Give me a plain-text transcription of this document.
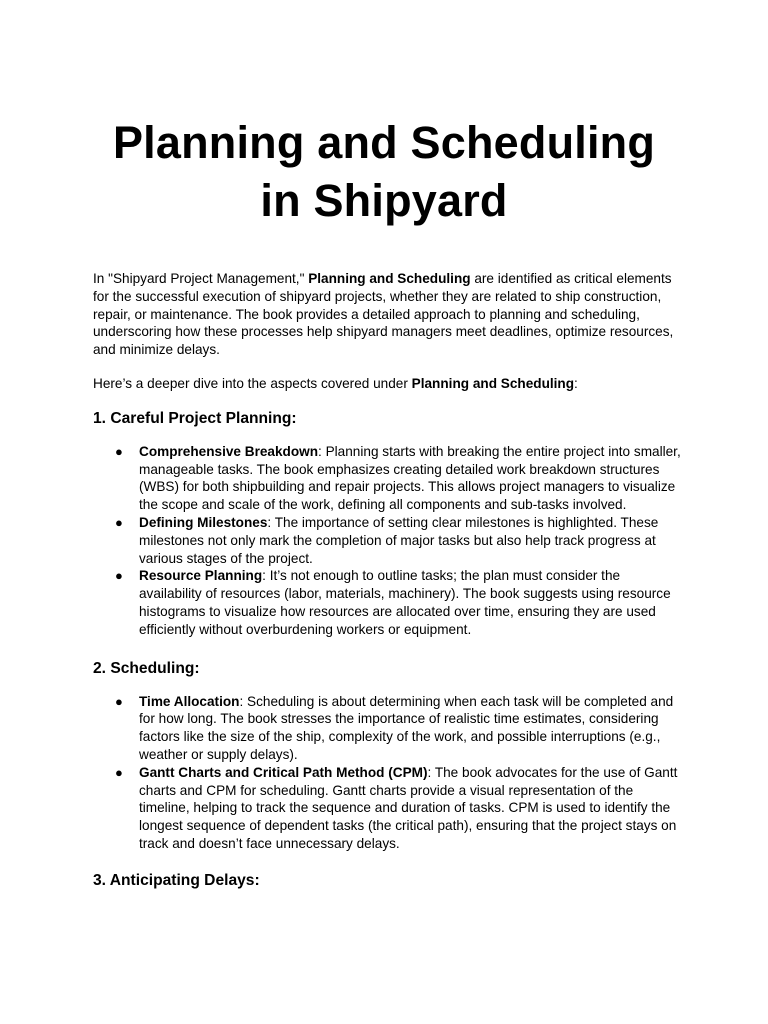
Planning and Scheduling
in Shipyard

In "Shipyard Project Management," Planning and Scheduling are identified as critical elements for the successful execution of shipyard projects, whether they are related to ship construction, repair, or maintenance. The book provides a detailed approach to planning and scheduling, underscoring how these processes help shipyard managers meet deadlines, optimize resources, and minimize delays.

Here’s a deeper dive into the aspects covered under Planning and Scheduling:

1. Careful Project Planning:
● Comprehensive Breakdown: Planning starts with breaking the entire project into smaller, manageable tasks. The book emphasizes creating detailed work breakdown structures (WBS) for both shipbuilding and repair projects. This allows project managers to visualize the scope and scale of the work, defining all components and sub-tasks involved.
● Defining Milestones: The importance of setting clear milestones is highlighted. These milestones not only mark the completion of major tasks but also help track progress at various stages of the project.
● Resource Planning: It’s not enough to outline tasks; the plan must consider the availability of resources (labor, materials, machinery). The book suggests using resource histograms to visualize how resources are allocated over time, ensuring they are used efficiently without overburdening workers or equipment.
2. Scheduling:
● Time Allocation: Scheduling is about determining when each task will be completed and for how long. The book stresses the importance of realistic time estimates, considering factors like the size of the ship, complexity of the work, and possible interruptions (e.g., weather or supply delays).
● Gantt Charts and Critical Path Method (CPM): The book advocates for the use of Gantt charts and CPM for scheduling. Gantt charts provide a visual representation of the timeline, helping to track the sequence and duration of tasks. CPM is used to identify the longest sequence of dependent tasks (the critical path), ensuring that the project stays on track and doesn’t face unnecessary delays.
3. Anticipating Delays:
